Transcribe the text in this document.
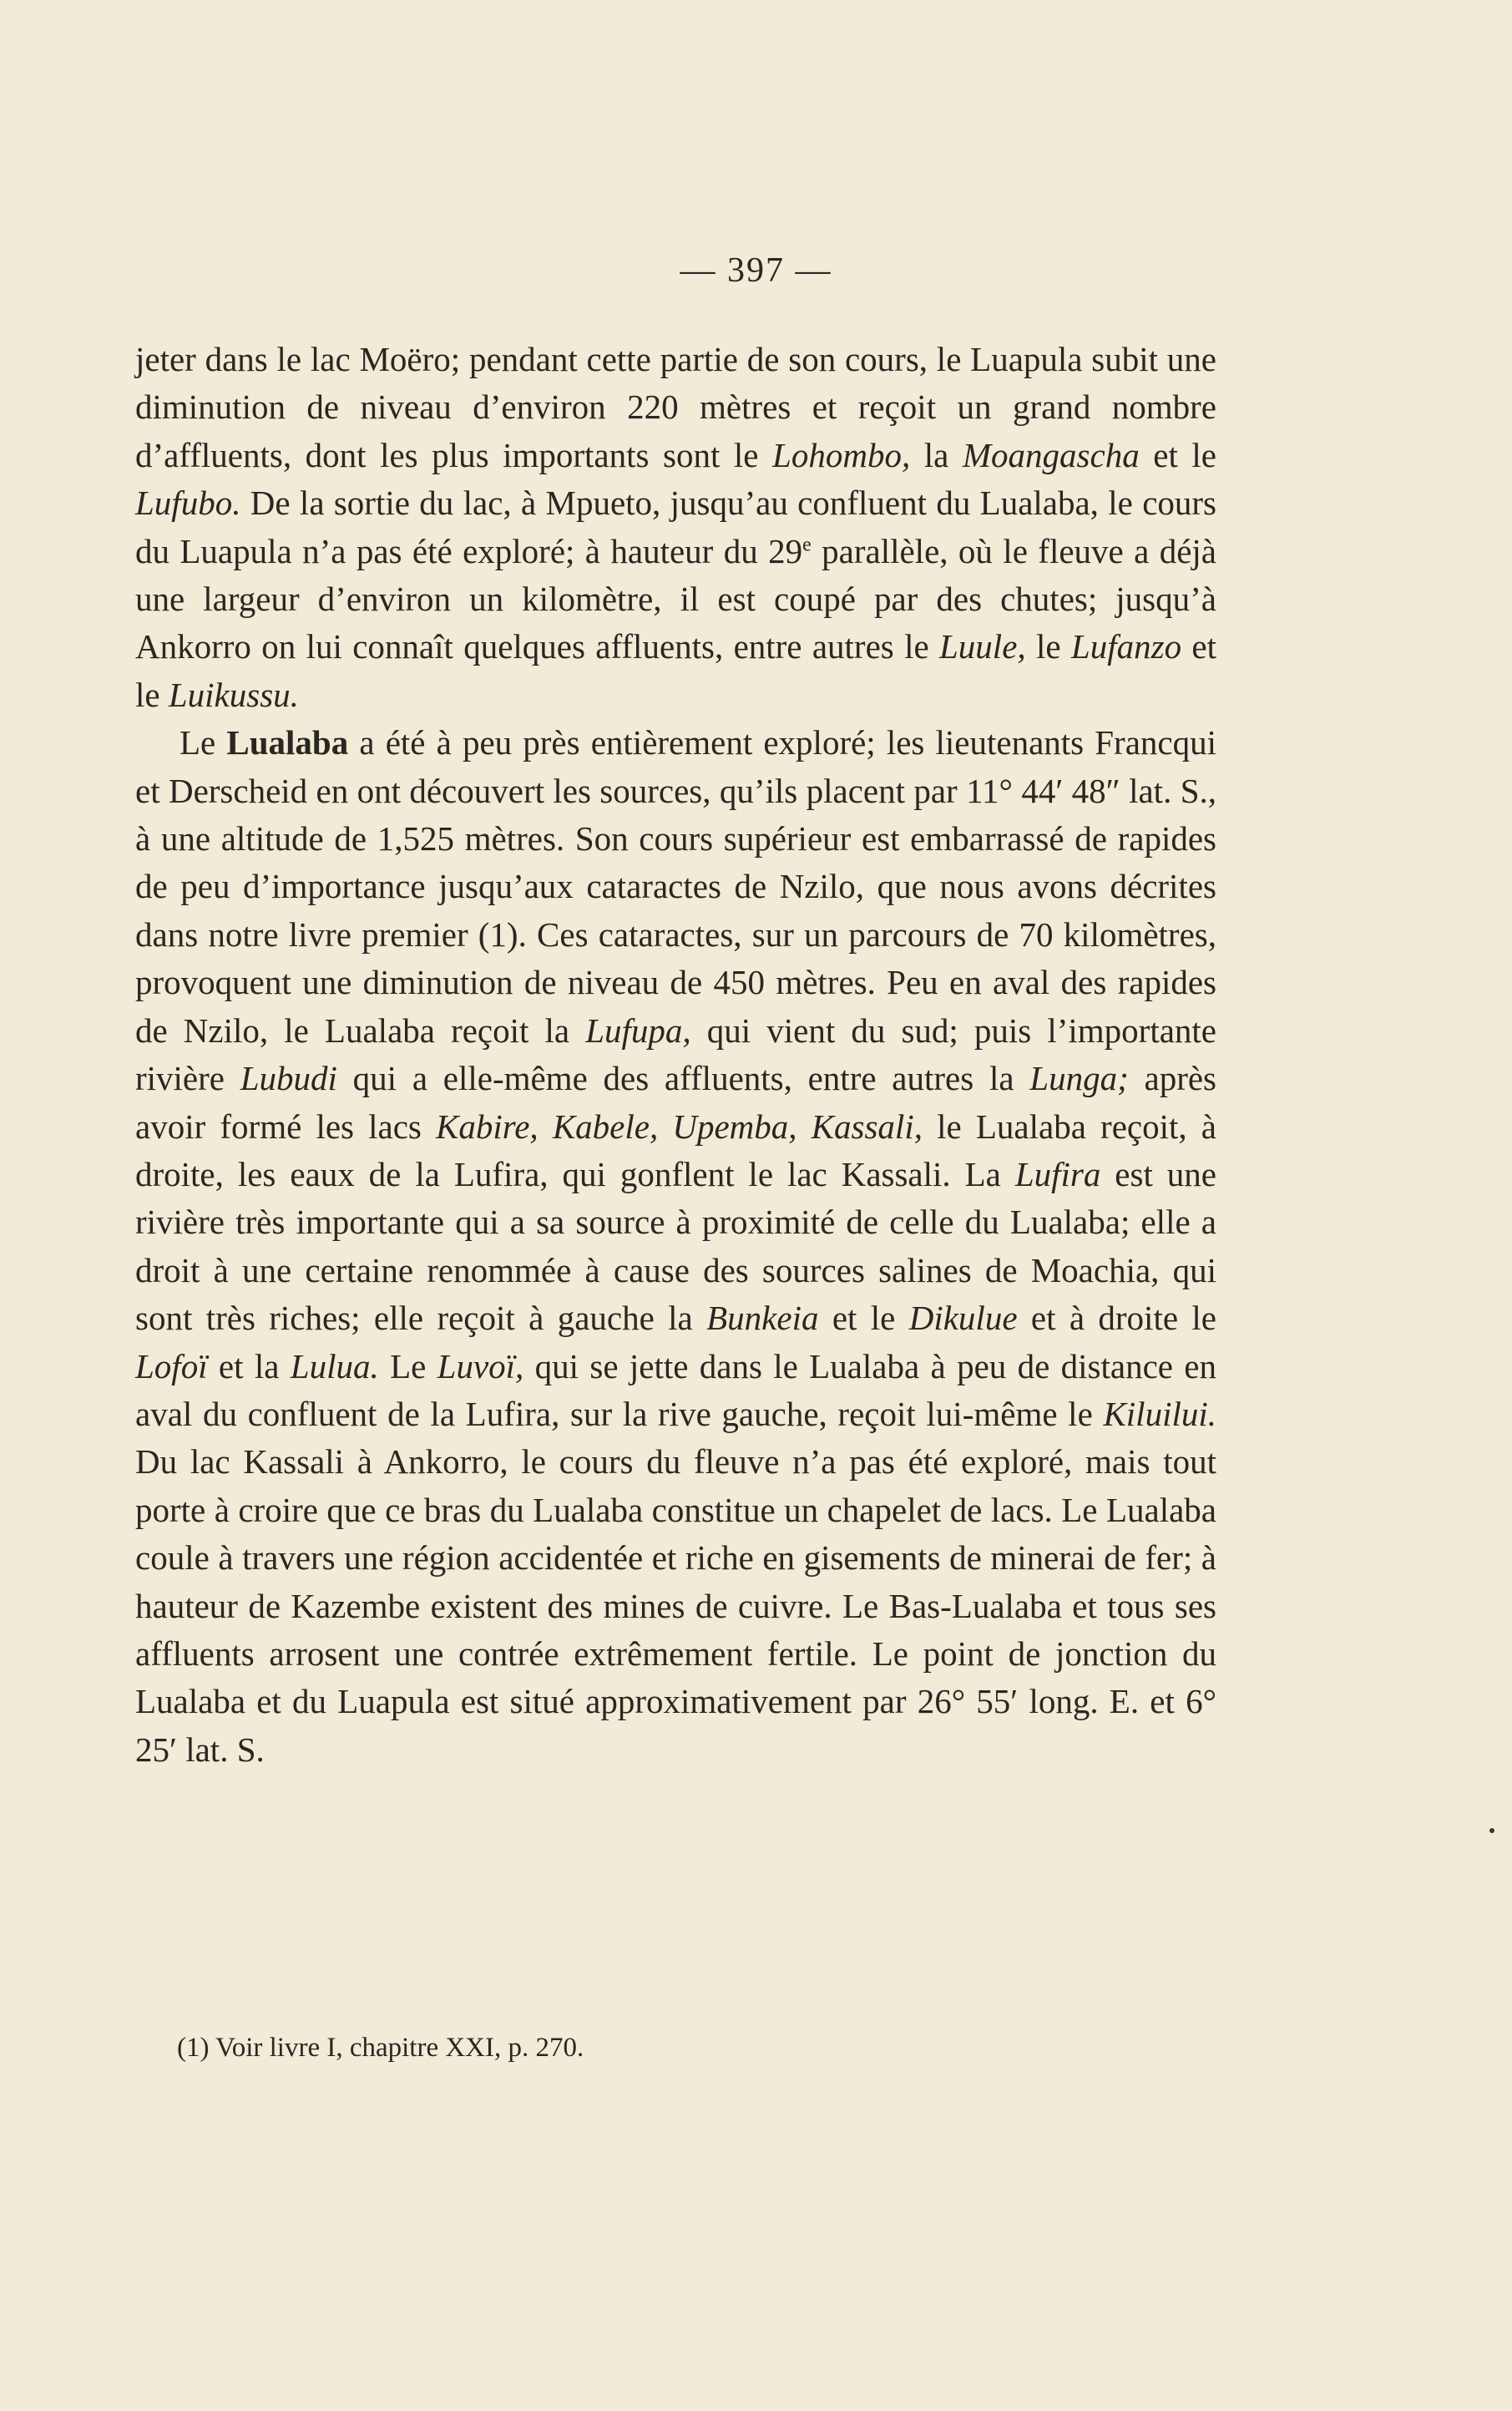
— 397 —

jeter dans le lac Moëro; pendant cette partie de son cours, le Luapula subit une diminution de niveau d’environ 220 mètres et reçoit un grand nombre d’affluents, dont les plus importants sont le Lohombo, la Moangascha et le Lufubo. De la sortie du lac, à Mpueto, jusqu’au confluent du Lualaba, le cours du Luapula n’a pas été exploré; à hauteur du 29e parallèle, où le fleuve a déjà une largeur d’environ un kilomètre, il est coupé par des chutes; jusqu’à Ankorro on lui connaît quelques affluents, entre autres le Luule, le Lufanzo et le Luikussu.

Le Lualaba a été à peu près entièrement exploré; les lieutenants Francqui et Derscheid en ont découvert les sources, qu’ils placent par 11° 44′ 48″ lat. S., à une altitude de 1,525 mètres. Son cours supérieur est embarrassé de rapides de peu d’importance jusqu’aux cataractes de Nzilo, que nous avons décrites dans notre livre premier (1). Ces cataractes, sur un parcours de 70 kilomètres, provoquent une diminution de niveau de 450 mètres. Peu en aval des rapides de Nzilo, le Lualaba reçoit la Lufupa, qui vient du sud; puis l’importante rivière Lubudi qui a elle-même des affluents, entre autres la Lunga; après avoir formé les lacs Kabire, Kabele, Upemba, Kassali, le Lualaba reçoit, à droite, les eaux de la Lufira, qui gonflent le lac Kassali. La Lufira est une rivière très importante qui a sa source à proximité de celle du Lualaba; elle a droit à une certaine renommée à cause des sources salines de Moachia, qui sont très riches; elle reçoit à gauche la Bunkeia et le Dikulue et à droite le Lofoï et la Lulua. Le Luvoï, qui se jette dans le Lualaba à peu de distance en aval du confluent de la Lufira, sur la rive gauche, reçoit lui-même le Kiluilui. Du lac Kassali à Ankorro, le cours du fleuve n’a pas été exploré, mais tout porte à croire que ce bras du Lualaba constitue un chapelet de lacs. Le Lualaba coule à travers une région accidentée et riche en gisements de minerai de fer; à hauteur de Kazembe existent des mines de cuivre. Le Bas-Lualaba et tous ses affluents arrosent une contrée extrêmement fertile. Le point de jonction du Lualaba et du Luapula est situé approximativement par 26° 55′ long. E. et 6° 25′ lat. S.

(1) Voir livre I, chapitre XXI, p. 270.
